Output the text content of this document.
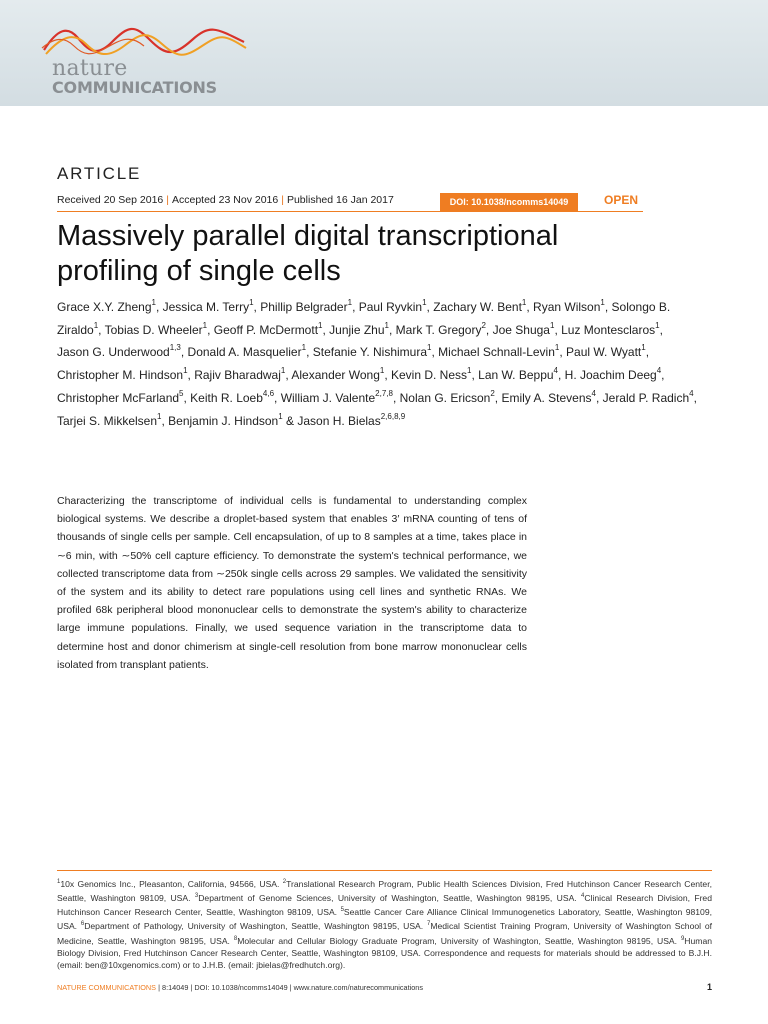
nature
COMMUNICATIONS
ARTICLE
Received 20 Sep 2016 | Accepted 23 Nov 2016 | Published 16 Jan 2017	DOI: 10.1038/ncomms14049	OPEN
Massively parallel digital transcriptional
profiling of single cells
Grace X.Y. Zheng$^1$, Jessica M. Terry$^1$, Phillip Belgrader$^1$, Paul Ryvkin$^1$, Zachary W. Bent$^1$, Ryan Wilson$^1$, Solongo B. Ziraldo$^1$, Tobias D. Wheeler$^1$, Geoff P. McDermott$^1$, Junjie Zhu$^1$, Mark T. Gregory$^2$, Joe Shuga$^1$, Luz Montesclaros$^1$, Jason G. Underwood$^{1,3}$, Donald A. Masquelier$^1$, Stefanie Y. Nishimura$^1$, Michael Schnall-Levin$^1$, Paul W. Wyatt$^1$, Christopher M. Hindson$^1$, Rajiv Bharadwaj$^1$, Alexander Wong$^1$, Kevin D. Ness$^1$, Lan W. Beppu$^4$, H. Joachim Deeg$^4$, Christopher McFarland$^5$, Keith R. Loeb$^{4,6}$, William J. Valente$^{2,7,8}$, Nolan G. Ericson$^2$, Emily A. Stevens$^4$, Jerald P. Radich$^4$, Tarjei S. Mikkelsen$^1$, Benjamin J. Hindson$^1$ & Jason H. Bielas$^{2,6,8,9}$

Characterizing the transcriptome of individual cells is fundamental to understanding complex biological systems. We describe a droplet-based system that enables 3′ mRNA counting of tens of thousands of single cells per sample. Cell encapsulation, of up to 8 samples at a time, takes place in ∼6 min, with ∼50% cell capture efficiency. To demonstrate the system's technical performance, we collected transcriptome data from ∼250k single cells across 29 samples. We validated the sensitivity of the system and its ability to detect rare populations using cell lines and synthetic RNAs. We profiled 68k peripheral blood mononuclear cells to demonstrate the system's ability to characterize large immune populations. Finally, we used sequence variation in the transcriptome data to determine host and donor chimerism at single-cell resolution from bone marrow mononuclear cells isolated from transplant patients.

$^1$10x Genomics Inc., Pleasanton, California, 94566, USA. $^2$Translational Research Program, Public Health Sciences Division, Fred Hutchinson Cancer Research Center, Seattle, Washington 98109, USA. $^3$Department of Genome Sciences, University of Washington, Seattle, Washington 98195, USA. $^4$Clinical Research Division, Fred Hutchinson Cancer Research Center, Seattle, Washington 98109, USA. $^5$Seattle Cancer Care Alliance Clinical Immunogenetics Laboratory, Seattle, Washington 98109, USA. $^6$Department of Pathology, University of Washington, Seattle, Washington 98195, USA. $^7$Medical Scientist Training Program, University of Washington School of Medicine, Seattle, Washington 98195, USA. $^8$Molecular and Cellular Biology Graduate Program, University of Washington, Seattle, Washington 98195, USA. $^9$Human Biology Division, Fred Hutchinson Cancer Research Center, Seattle, Washington 98109, USA. Correspondence and requests for materials should be addressed to B.J.H. (email: ben@10xgenomics.com) or to J.H.B. (email: jbielas@fredhutch.org).

NATURE COMMUNICATIONS | 8:14049 | DOI: 10.1038/ncomms14049 | www.nature.com/naturecommunications	1
